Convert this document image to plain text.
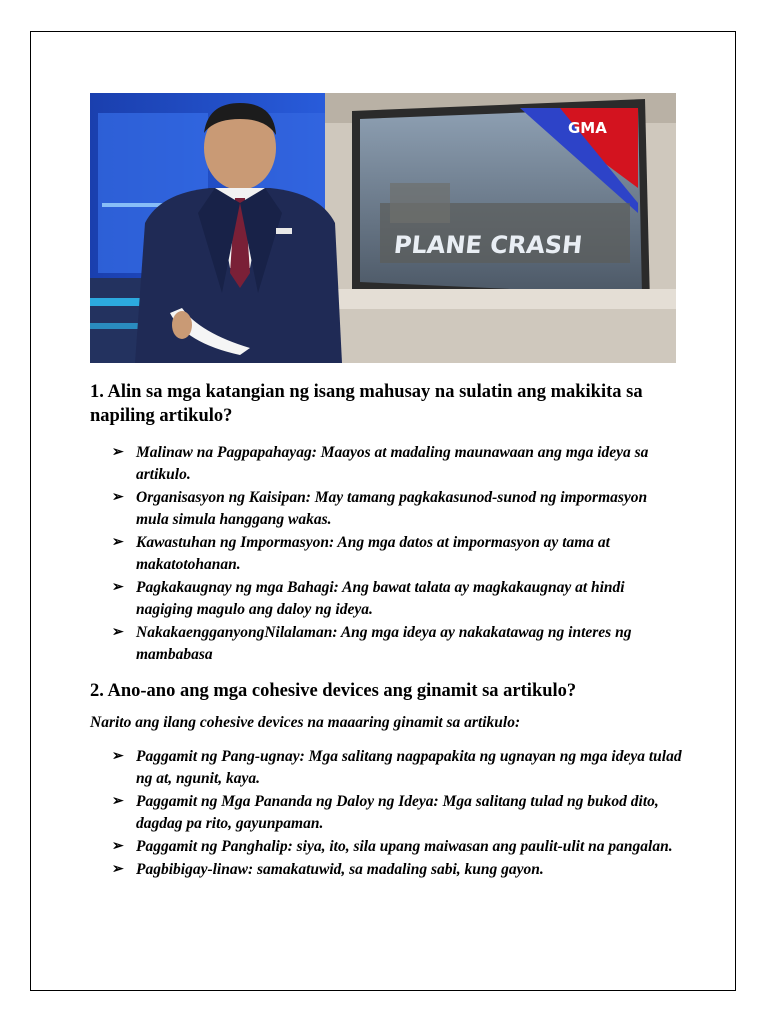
PLANE CRASH
GMA

1. Alin sa mga katangian ng isang mahusay na sulatin ang makikita sa napiling artikulo?

➢ Malinaw na Pagpapahayag: Maayos at madaling maunawaan ang mga ideya sa artikulo.
➢ Organisasyon ng Kaisipan: May tamang pagkakasunod-sunod ng impormasyon mula simula hanggang wakas.
➢ Kawastuhan ng Impormasyon: Ang mga datos at impormasyon ay tama at makatotohanan.
➢ Pagkakaugnay ng mga Bahagi: Ang bawat talata ay magkakaugnay at hindi nagiging magulo ang daloy ng ideya.
➢ NakakaengganyongNilalaman: Ang mga ideya ay nakakatawag ng interes ng mambabasa

2. Ano-ano ang mga cohesive devices ang ginamit sa artikulo?

Narito ang ilang cohesive devices na maaaring ginamit sa artikulo:

➢ Paggamit ng Pang-ugnay: Mga salitang nagpapakita ng ugnayan ng mga ideya tulad ng at, ngunit, kaya.
➢ Paggamit ng Mga Pananda ng Daloy ng Ideya: Mga salitang tulad ng bukod dito, dagdag pa rito, gayunpaman.
➢ Paggamit ng Panghalip: siya, ito, sila upang maiwasan ang paulit-ulit na pangalan.
➢ Pagbibigay-linaw: samakatuwid, sa madaling sabi, kung gayon.
